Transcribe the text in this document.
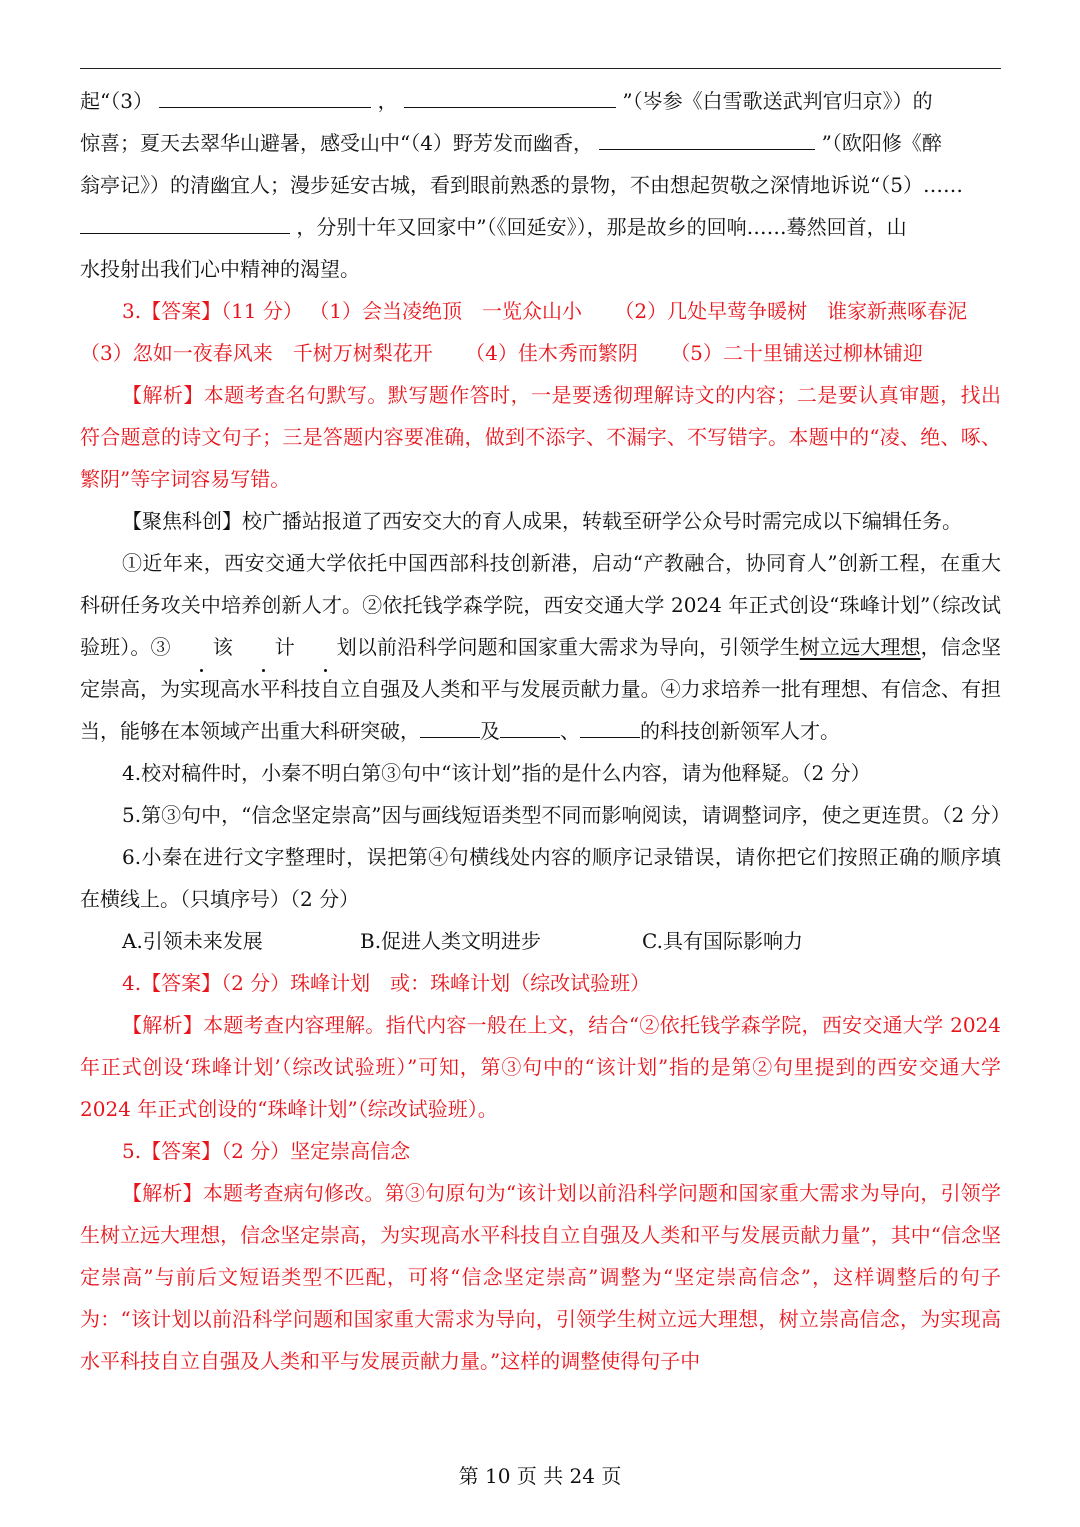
起“（3）	，	”（岑参《白雪歌送武判官归京》）的

惊喜；夏天去翠华山避暑，感受山中“（4）野芳发而幽香，	”（欧阳修《醉

翁亭记》）的清幽宜人；漫步延安古城，看到眼前熟悉的景物，不由想起贺敬之深情地诉说“（5）……

，分别十年又回家中”（《回延安》），那是故乡的回响……蓦然回首，山

水投射出我们心中精神的渴望。

3.【答案】（11 分） （1）会当凌绝顶　一览众山小 （2）几处早莺争暖树　谁家新燕啄春泥

（3）忽如一夜春风来　千树万树梨花开 （4）佳木秀而繁阴 （5）二十里铺送过柳林铺迎

【解析】本题考查名句默写。默写题作答时，一是要透彻理解诗文的内容；二是要认真审题，找出符合题意的诗文句子；三是答题内容要准确，做到不添字、不漏字、不写错字。本题中的“凌、绝、啄、繁阴”等字词容易写错。

【聚焦科创】校广播站报道了西安交大的育人成果，转载至研学公众号时需完成以下编辑任务。

①近年来，西安交通大学依托中国西部科技创新港，启动“产教融合，协同育人”创新工程，在重大科研任务攻关中培养创新人才。②依托钱学森学院，西安交通大学 2024 年正式创设“珠峰计划”（综改试验班）。③ 该 计 划以前沿科学问题和国家重大需求为导向，引领学生树立远大理想，信念坚定崇高，为实现高水平科技自立自强及人类和平与发展贡献力量。④力求培养一批有理想、有信念、有担当，能够在本领域产出重大科研突破，	及	、	的科技创新领军人才。

4.校对稿件时，小秦不明白第③句中“该计划”指的是什么内容，请为他释疑。（2 分）

5.第③句中，“信念坚定崇高”因与画线短语类型不同而影响阅读，请调整词序，使之更连贯。（2 分）

6.小秦在进行文字整理时，误把第④句横线处内容的顺序记录错误，请你把它们按照正确的顺序填在横线上。（只填序号）（2 分）

A.引领未来发展	B.促进人类文明进步	C.具有国际影响力

4.【答案】（2 分）珠峰计划　或：珠峰计划（综改试验班）

【解析】本题考查内容理解。指代内容一般在上文，结合“②依托钱学森学院，西安交通大学 2024 年正式创设‘珠峰计划’（综改试验班）”可知，第③句中的“该计划”指的是第②句里提到的西安交通大学 2024 年正式创设的“珠峰计划”（综改试验班）。

5.【答案】（2 分）坚定崇高信念

【解析】本题考查病句修改。第③句原句为“该计划以前沿科学问题和国家重大需求为导向，引领学生树立远大理想，信念坚定崇高，为实现高水平科技自立自强及人类和平与发展贡献力量”，其中“信念坚定崇高”与前后文短语类型不匹配，可将“信念坚定崇高”调整为“坚定崇高信念”，这样调整后的句子为：“该计划以前沿科学问题和国家重大需求为导向，引领学生树立远大理想，树立崇高信念，为实现高水平科技自立自强及人类和平与发展贡献力量。”这样的调整使得句子中

第 10 页 共 24 页
